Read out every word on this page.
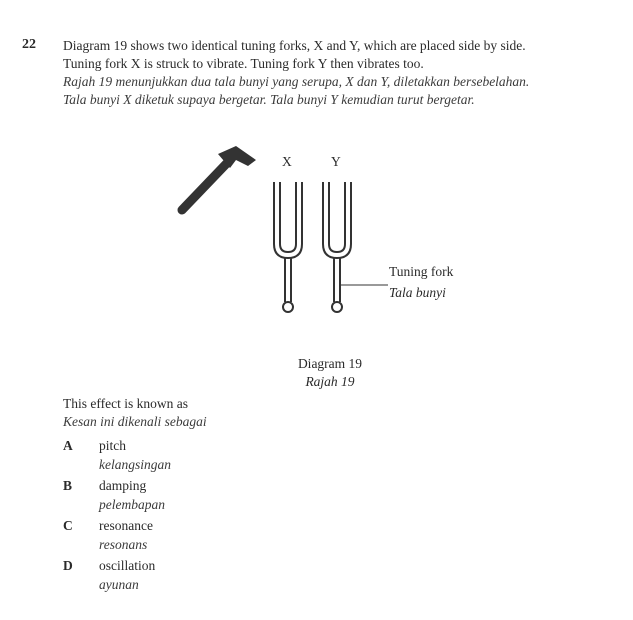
22 Diagram 19 shows two identical tuning forks, X and Y, which are placed side by side.
Tuning fork X is struck to vibrate. Tuning fork Y then vibrates too.
Rajah 19 menunjukkan dua tala bunyi yang serupa, X dan Y, diletakkan bersebelahan.
Tala bunyi X diketuk supaya bergetar. Tala bunyi Y kemudian turut bergetar.
X	Y
Tuning fork
Tala bunyi
Diagram 19
Rajah 19
This effect is known as
Kesan ini dikenali sebagai
A	pitch
kelangsingan
B	damping
pelembapan
C	resonance
resonans
D	oscillation
ayunan
